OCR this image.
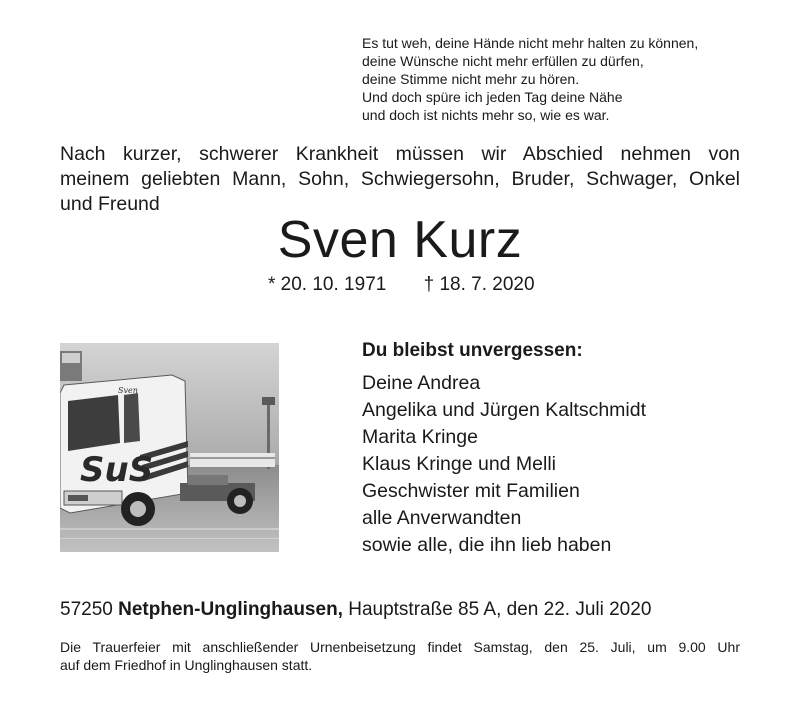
Es tut weh, deine Hände nicht mehr halten zu können,
deine Wünsche nicht mehr erfüllen zu dürfen,
deine Stimme nicht mehr zu hören.
Und doch spüre ich jeden Tag deine Nähe
und doch ist nichts mehr so, wie es war.
Nach kurzer, schwerer Krankheit müssen wir Abschied nehmen von
meinem geliebten Mann, Sohn, Schwiegersohn, Bruder, Schwager, Onkel
und Freund
Sven Kurz
* 20. 10. 1971 † 18. 7. 2020
SuS
Sven
Du bleibst unvergessen:
Deine Andrea
Angelika und Jürgen Kaltschmidt
Marita Kringe
Klaus Kringe und Melli
Geschwister mit Familien
alle Anverwandten
sowie alle, die ihn lieb haben
57250 Netphen-Unglinghausen, Hauptstraße 85 A, den 22. Juli 2020
Die Trauerfeier mit anschließender Urnenbeisetzung findet Samstag, den 25. Juli, um 9.00 Uhr
auf dem Friedhof in Unglinghausen statt.
